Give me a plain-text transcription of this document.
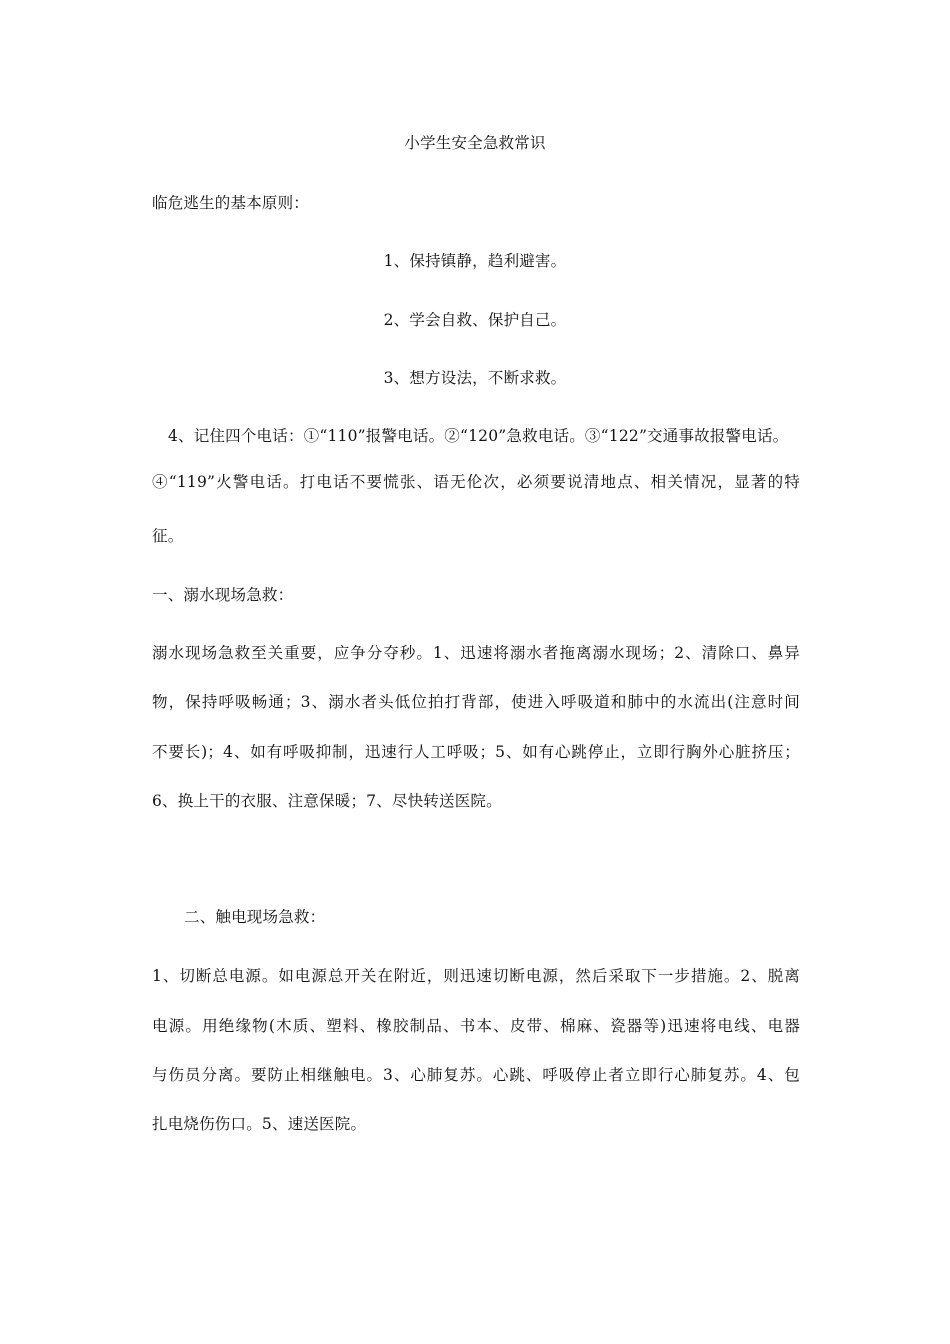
小学生安全急救常识
临危逃生的基本原则：
1、保持镇静，趋利避害。
2、学会自救、保护自己。
3、想方设法，不断求救。
4、记住四个电话：①“110”报警电话。②“120”急救电话。③“122”交通事故报警电话。
④“119”火警电话。打电话不要慌张、语无伦次，必须要说清地点、相关情况，显著的特
征。
一、溺水现场急救：
溺水现场急救至关重要，应争分夺秒。1、迅速将溺水者拖离溺水现场；2、清除口、鼻异
物，保持呼吸畅通；3、溺水者头低位拍打背部，使进入呼吸道和肺中的水流出(注意时间
不要长)；4、如有呼吸抑制，迅速行人工呼吸；5、如有心跳停止，立即行胸外心脏挤压；
6、换上干的衣服、注意保暖；7、尽快转送医院。
二、触电现场急救：
1、切断总电源。如电源总开关在附近，则迅速切断电源，然后采取下一步措施。2、脱离
电源。用绝缘物(木质、塑料、橡胶制品、书本、皮带、棉麻、瓷器等)迅速将电线、电器
与伤员分离。要防止相继触电。3、心肺复苏。心跳、呼吸停止者立即行心肺复苏。4、包
扎电烧伤伤口。5、速送医院。
